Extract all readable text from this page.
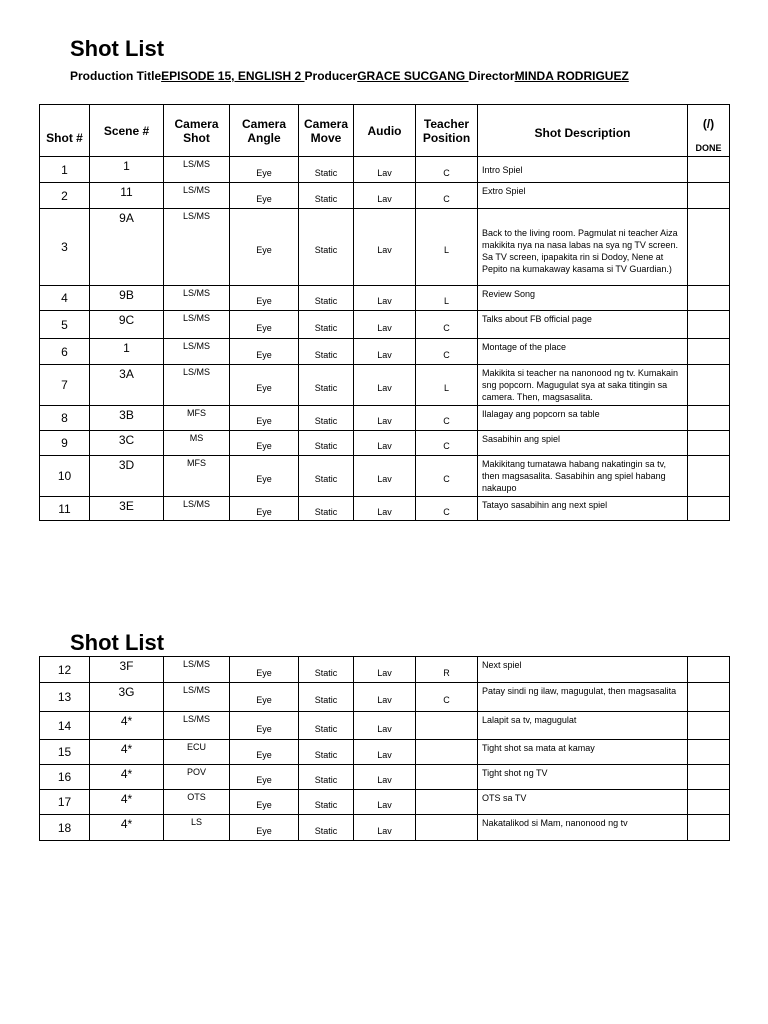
Shot List
Production TitleEPISODE 15, ENGLISH 2 ProducerGRACE SUCGANG DirectorMINDA RODRIGUEZ
Shot #	Scene #	Camera Shot	Camera Angle	Camera Move	Audio	Teacher Position	Shot Description	(/)
DONE

1	1	LS/MS	Eye	Static	Lav	C	Intro Spiel	
2	11	LS/MS	Eye	Static	Lav	C	Extro Spiel	
3	9A	LS/MS	Eye	Static	Lav	L	Back to the living room. Pagmulat ni teacher Aiza makikita nya na nasa labas na sya ng TV screen. Sa TV screen, ipapakita rin si Dodoy, Nene at Pepito na kumakaway kasama si TV Guardian.)	
4	9B	LS/MS	Eye	Static	Lav	L	Review Song	
5	9C	LS/MS	Eye	Static	Lav	C	Talks about FB official page	
6	1	LS/MS	Eye	Static	Lav	C	Montage of the place	
7	3A	LS/MS	Eye	Static	Lav	L	Makikita si teacher na nanonood ng tv. Kumakain sng popcorn. Magugulat sya at saka titingin sa camera. Then, magsasalita.	
8	3B	MFS	Eye	Static	Lav	C	Ilalagay ang popcorn sa table	
9	3C	MS	Eye	Static	Lav	C	Sasabihin ang spiel	
10	3D	MFS	Eye	Static	Lav	C	Makikitang tumatawa habang nakatingin sa tv, then magsasalita. Sasabihin ang spiel habang nakaupo	
11	3E	LS/MS	Eye	Static	Lav	C	Tatayo sasabihin ang next spiel	
Shot List
12	3F	LS/MS	Eye	Static	Lav	R	Next spiel	
13	3G	LS/MS	Eye	Static	Lav	C	Patay sindi ng ilaw, magugulat, then magsasalita	
14	4*	LS/MS	Eye	Static	Lav		Lalapit sa tv, magugulat	
15	4*	ECU	Eye	Static	Lav		Tight shot sa mata at kamay	
16	4*	POV	Eye	Static	Lav		Tight shot ng TV	
17	4*	OTS	Eye	Static	Lav		OTS sa TV	
18	4*	LS	Eye	Static	Lav		Nakatalikod si Mam, nanonood ng tv	
